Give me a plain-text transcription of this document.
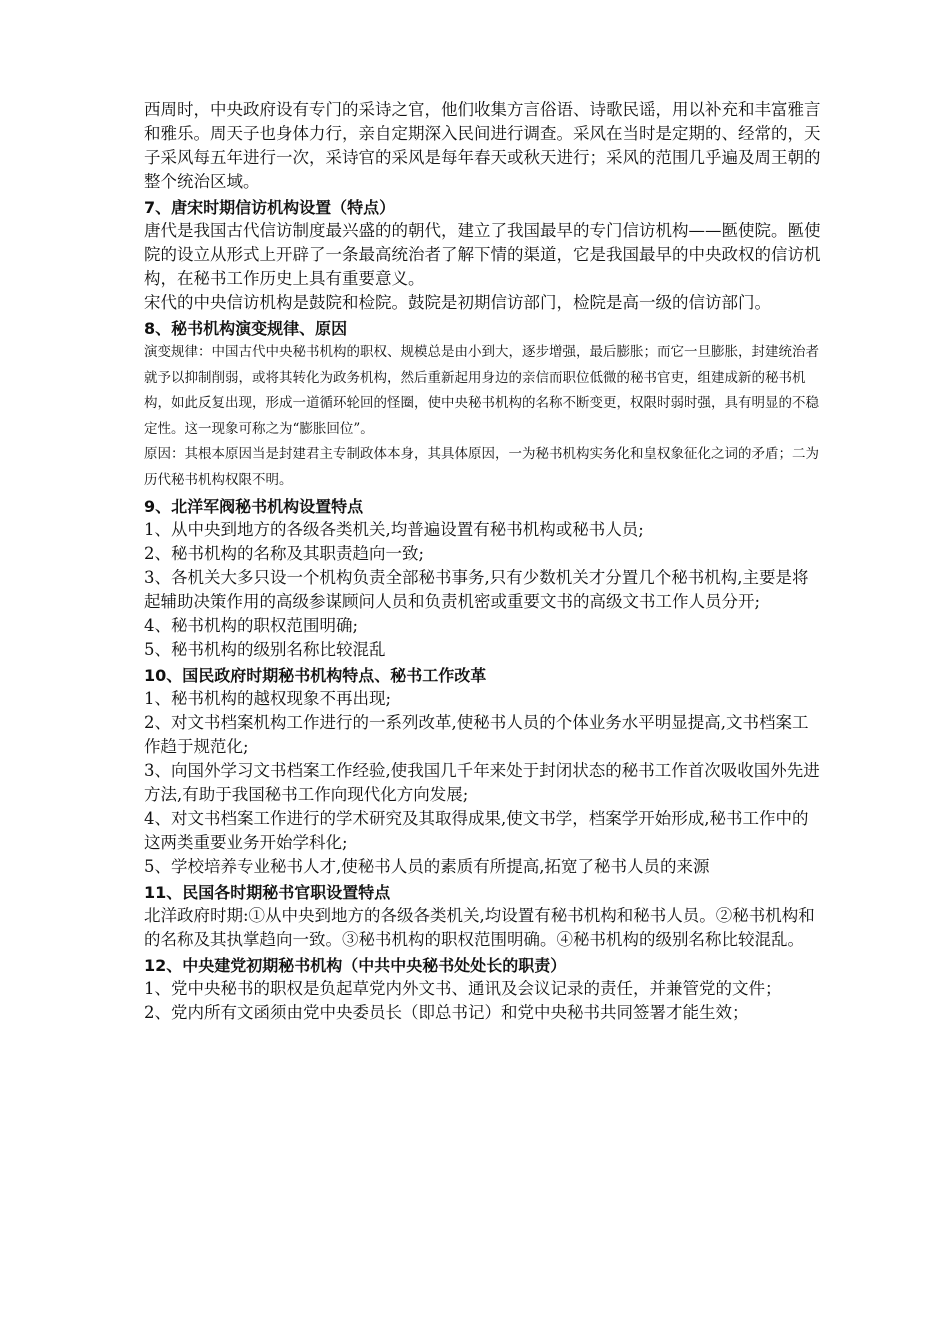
西周时，中央政府设有专门的采诗之官，他们收集方言俗语、诗歌民谣，用以补充和丰富雅言和雅乐。周天子也身体力行，亲自定期深入民间进行调查。采风在当时是定期的、经常的，天子采风每五年进行一次，采诗官的采风是每年春天或秋天进行；采风的范围几乎遍及周王朝的整个统治区域。

7、唐宋时期信访机构设置（特点）

唐代是我国古代信访制度最兴盛的的朝代，建立了我国最早的专门信访机构——匦使院。匦使院的设立从形式上开辟了一条最高统治者了解下情的渠道，它是我国最早的中央政权的信访机构，在秘书工作历史上具有重要意义。

宋代的中央信访机构是鼓院和检院。鼓院是初期信访部门，检院是高一级的信访部门。

8、秘书机构演变规律、原因

演变规律：中国古代中央秘书机构的职权、规模总是由小到大，逐步增强，最后膨胀；而它一旦膨胀，封建统治者就予以抑制削弱，或将其转化为政务机构，然后重新起用身边的亲信而职位低微的秘书官吏，组建成新的秘书机构，如此反复出现，形成一道循环轮回的怪圈，使中央秘书机构的名称不断变更，权限时弱时强，具有明显的不稳定性。这一现象可称之为“膨胀回位”。

原因：其根本原因当是封建君主专制政体本身，其具体原因，一为秘书机构实务化和皇权象征化之词的矛盾；二为历代秘书机构权限不明。

9、北洋军阀秘书机构设置特点

1、从中央到地方的各级各类机关,均普遍设置有秘书机构或秘书人员;

2、秘书机构的名称及其职责趋向一致;

3、各机关大多只设一个机构负责全部秘书事务,只有少数机关才分置几个秘书机构,主要是将起辅助决策作用的高级参谋顾问人员和负责机密或重要文书的高级文书工作人员分开;

4、秘书机构的职权范围明确;

5、秘书机构的级别名称比较混乱

10、国民政府时期秘书机构特点、秘书工作改革

1、秘书机构的越权现象不再出现;

2、对文书档案机构工作进行的一系列改革,使秘书人员的个体业务水平明显提高,文书档案工作趋于规范化;

3、向国外学习文书档案工作经验,使我国几千年来处于封闭状态的秘书工作首次吸收国外先进方法,有助于我国秘书工作向现代化方向发展;

4、对文书档案工作进行的学术研究及其取得成果,使文书学，档案学开始形成,秘书工作中的这两类重要业务开始学科化;

5、学校培养专业秘书人才,使秘书人员的素质有所提高,拓宽了秘书人员的来源

11、民国各时期秘书官职设置特点

北洋政府时期:①从中央到地方的各级各类机关,均设置有秘书机构和秘书人员。②秘书机构和的名称及其执掌趋向一致。③秘书机构的职权范围明确。④秘书机构的级别名称比较混乱。

12、中央建党初期秘书机构（中共中央秘书处处长的职责）

1、党中央秘书的职权是负起草党内外文书、通讯及会议记录的责任，并兼管党的文件；

2、党内所有文函须由党中央委员长（即总书记）和党中央秘书共同签署才能生效；
